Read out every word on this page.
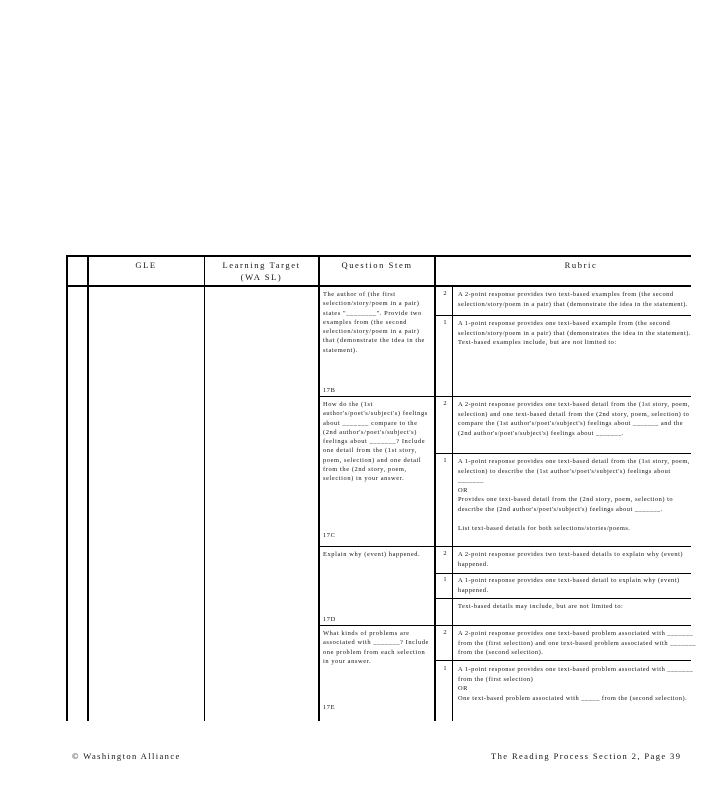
GLE	Learning Target
(WA SL)
Question Stem	Rubric
The author of (the first selection/story/poem in a pair) states "________". Provide two examples from (the second selection/story/poem in a pair) that (demonstrate the idea in the statement).
17B
2	A 2-point response provides two text-based examples from (the second selection/story/poem in a pair) that (demonstrate the idea in the statement).
1	A 1-point response provides one text-based example from (the second selection/story/poem in a pair) that (demonstrates the idea in the statement).
Text-based examples include, but are not limited to:
How do the (1st author's/poet's/subject's) feelings about _______ compare to the (2nd author's/poet's/subject's) feelings about _______? Include one detail from the (1st story, poem, selection) and one detail from the (2nd story, poem, selection) in your answer.
17C
2	A 2-point response provides one text-based detail from the (1st story, poem, selection) and one text-based detail from the (2nd story, poem, selection) to compare the (1st author's/poet's/subject's) feelings about _______ and the (2nd author's/poet's/subject's) feelings about _______.
1	A 1-point response provides one text-based detail from the (1st story, poem, selection) to describe the (1st author's/poet's/subject's) feelings about _______
OR
Provides one text-based detail from the (2nd story, poem, selection) to describe the (2nd author's/poet's/subject's) feelings about _______.

List text-based details for both selections/stories/poems.
Explain why (event) happened.
17D
2	A 2-point response provides two text-based details to explain why (event) happened.
1	A 1-point response provides one text-based detail to explain why (event) happened.
Text-based details may include, but are not limited to:
What kinds of problems are associated with _______? Include one problem from each selection in your answer.
17E
2	A 2-point response provides one text-based problem associated with _______ from the (first selection) and one text-based problem associated with _______ from the (second selection).
1	A 1-point response provides one text-based problem associated with _______ from the (first selection)
OR
One text-based problem associated with _____ from the (second selection).
© Washington Alliance	The Reading Process Section 2, Page 39
